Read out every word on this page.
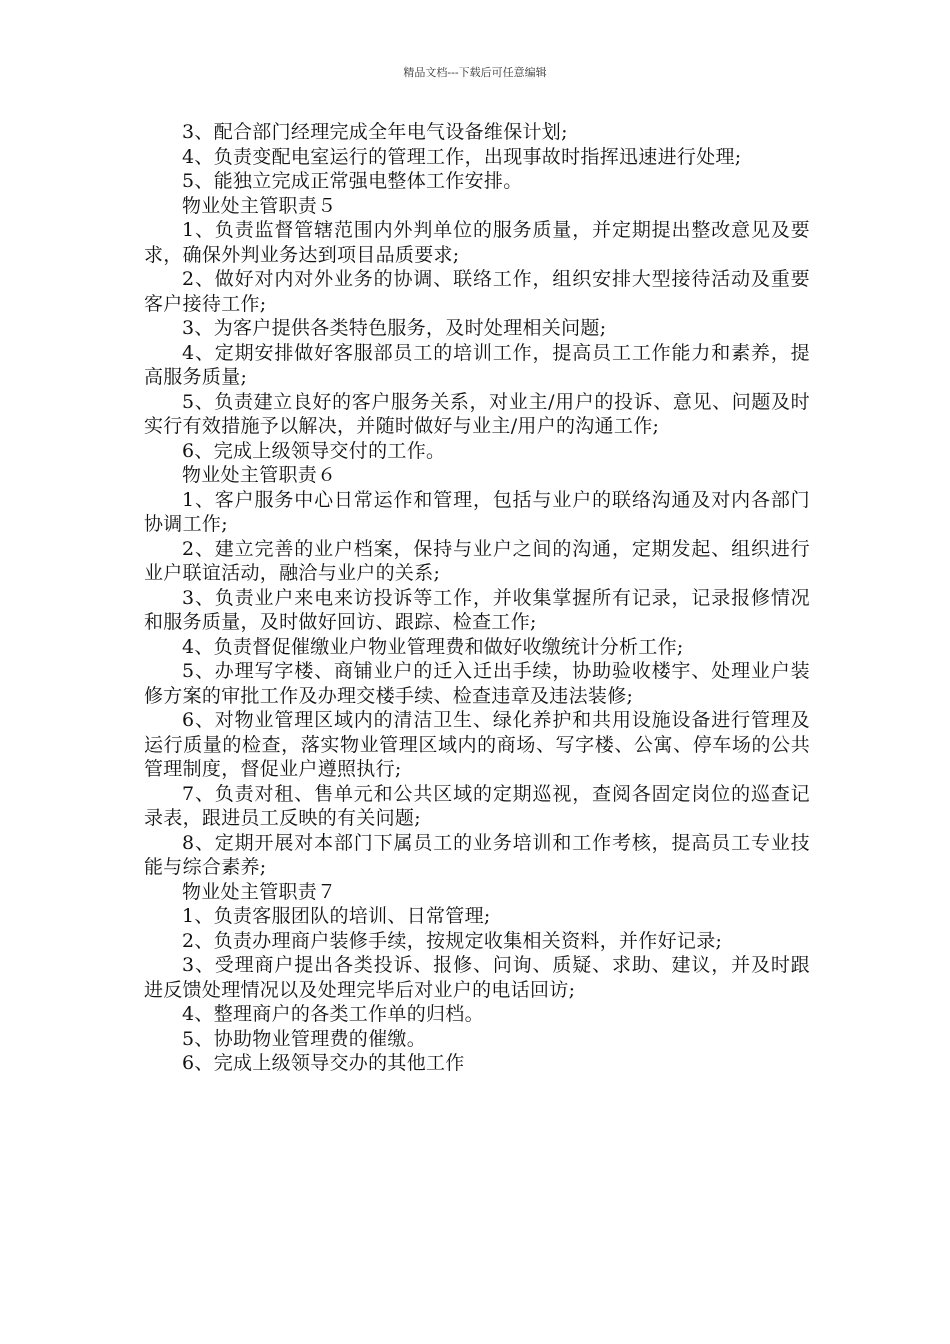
精品文档---下载后可任意编辑

3、配合部门经理完成全年电气设备维保计划;

4、负责变配电室运行的管理工作，出现事故时指挥迅速进行处理;

5、能独立完成正常强电整体工作安排。

物业处主管职责５

1、负责监督管辖范围内外判单位的服务质量，并定期提出整改意见及要求，确保外判业务达到项目品质要求;

2、做好对内对外业务的协调、联络工作，组织安排大型接待活动及重要客户接待工作;

3、为客户提供各类特色服务，及时处理相关问题;

4、定期安排做好客服部员工的培训工作，提高员工工作能力和素养，提高服务质量;

5、负责建立良好的客户服务关系，对业主/用户的投诉、意见、问题及时实行有效措施予以解决，并随时做好与业主/用户的沟通工作;

6、完成上级领导交付的工作。

物业处主管职责６

1、客户服务中心日常运作和管理，包括与业户的联络沟通及对内各部门协调工作;

2、建立完善的业户档案，保持与业户之间的沟通，定期发起、组织进行业户联谊活动，融洽与业户的关系;

3、负责业户来电来访投诉等工作，并收集掌握所有记录，记录报修情况和服务质量，及时做好回访、跟踪、检查工作;

4、负责督促催缴业户物业管理费和做好收缴统计分析工作;

5、办理写字楼、商铺业户的迁入迁出手续，协助验收楼宇、处理业户装修方案的审批工作及办理交楼手续、检查违章及违法装修;

6、对物业管理区域内的清洁卫生、绿化养护和共用设施设备进行管理及运行质量的检查，落实物业管理区域内的商场、写字楼、公寓、停车场的公共管理制度，督促业户遵照执行;

7、负责对租、售单元和公共区域的定期巡视，查阅各固定岗位的巡查记录表，跟进员工反映的有关问题;

8、定期开展对本部门下属员工的业务培训和工作考核，提高员工专业技能与综合素养;

物业处主管职责７

1、负责客服团队的培训、日常管理;

2、负责办理商户装修手续，按规定收集相关资料，并作好记录;

3、受理商户提出各类投诉、报修、问询、质疑、求助、建议，并及时跟进反馈处理情况以及处理完毕后对业户的电话回访;

4、整理商户的各类工作单的归档。

5、协助物业管理费的催缴。

6、完成上级领导交办的其他工作
